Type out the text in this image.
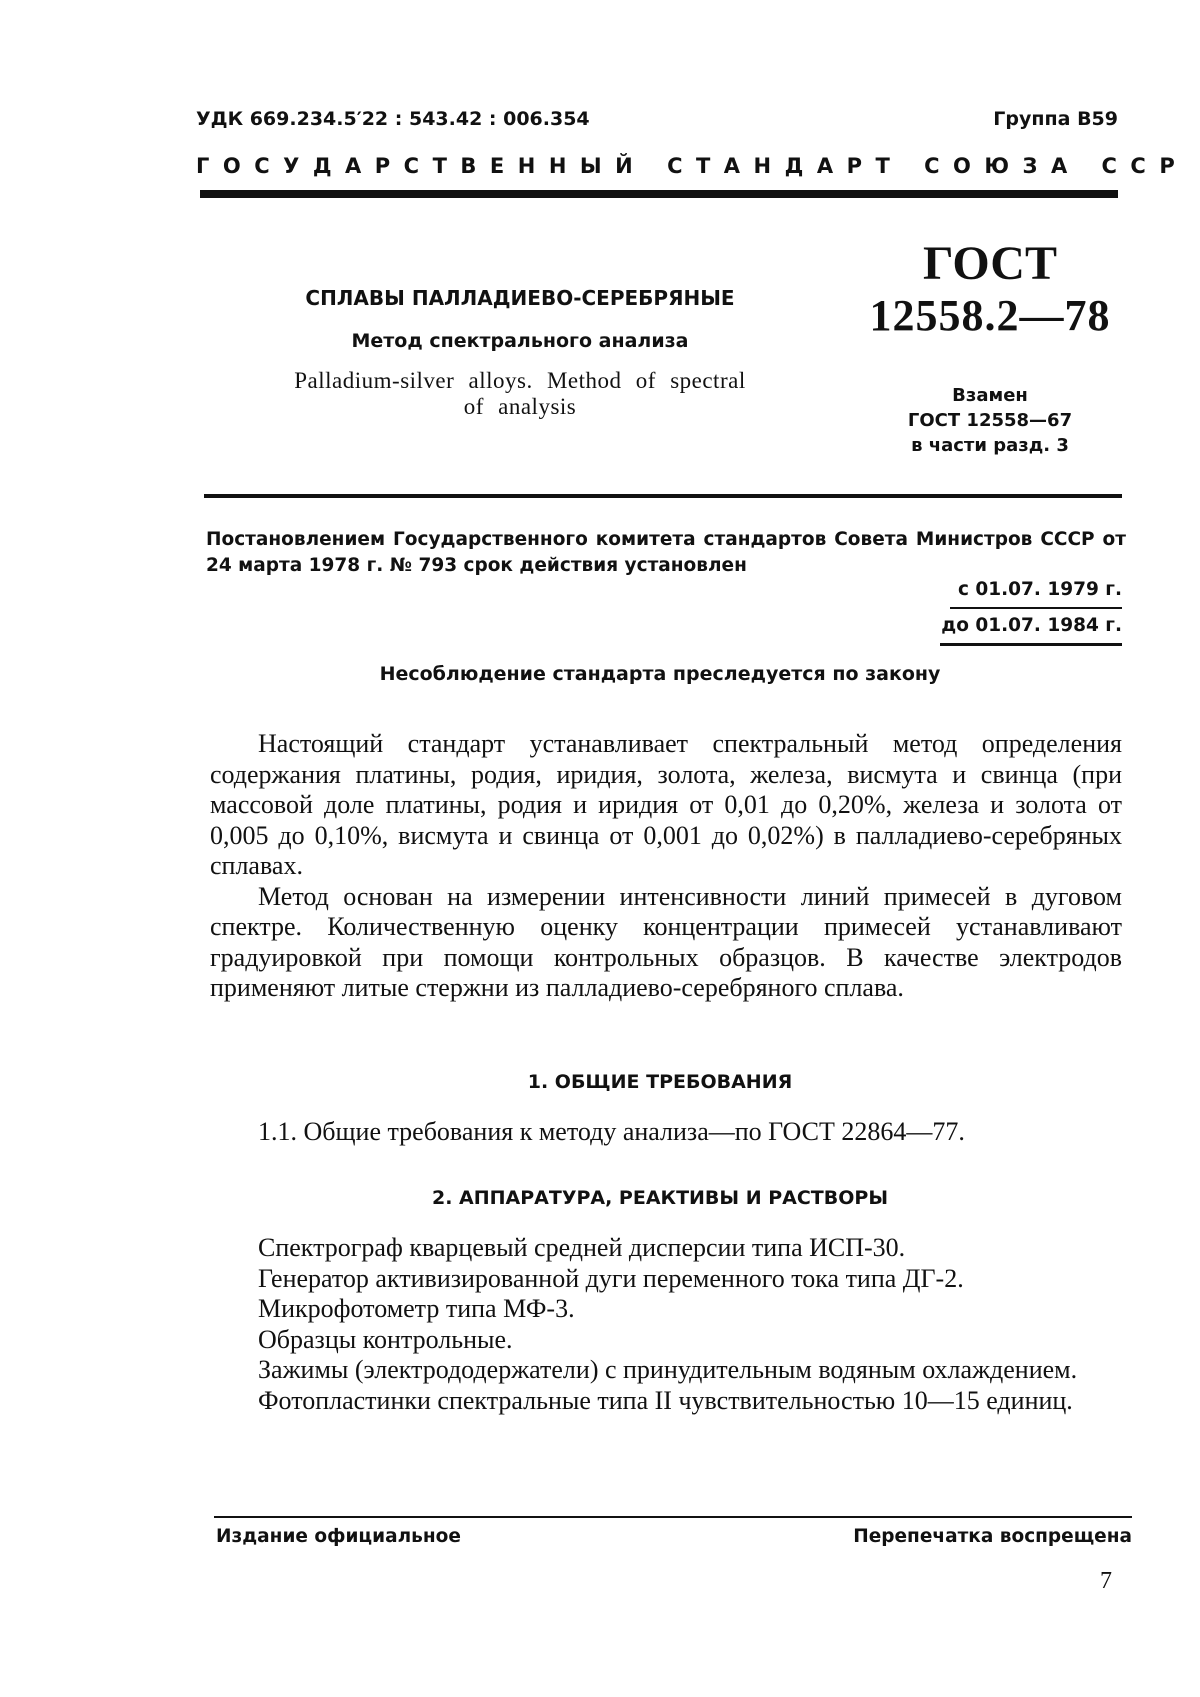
УДК 669.234.5′22 : 543.42 : 006.354	Группа В59
ГОСУДАРСТВЕННЫЙ СТАНДАРТ СОЮЗА ССР
СПЛАВЫ ПАЛЛАДИЕВО-СЕРЕБРЯНЫЕ
Метод спектрального анализа
Palladium-silver alloys. Method of spectral
of analysis
ГОСТ
12558.2—78
Взамен
ГОСТ 12558—67
в части разд. 3
Постановлением Государственного комитета стандартов Совета Министров СССР от 24 марта 1978 г. № 793 срок действия установлен
с 01.07. 1979 г.
до 01.07. 1984 г.
Несоблюдение стандарта преследуется по закону

Настоящий стандарт устанавливает спектральный метод определения содержания платины, родия, иридия, золота, железа, висмута и свинца (при массовой доле платины, родия и иридия от 0,01 до 0,20%, железа и золота от 0,005 до 0,10%, висмута и свинца от 0,001 до 0,02%) в палладиево-серебряных сплавах.

Метод основан на измерении интенсивности линий примесей в дуговом спектре. Количественную оценку концентрации примесей устанавливают градуировкой при помощи контрольных образцов. В качестве электродов применяют литые стержни из палладиево-серебряного сплава.

1. ОБЩИЕ ТРЕБОВАНИЯ

1.1. Общие требования к методу анализа—по ГОСТ 22864—77.

2. АППАРАТУРА, РЕАКТИВЫ И РАСТВОРЫ

Спектрограф кварцевый средней дисперсии типа ИСП-30.

Генератор активизированной дуги переменного тока типа ДГ-2.

Микрофотометр типа МФ-3.

Образцы контрольные.

Зажимы (электрододержатели) с принудительным водяным охлаждением.

Фотопластинки спектральные типа II чувствительностью 10—15 единиц.

Издание официальное	Перепечатка воспрещена
7
